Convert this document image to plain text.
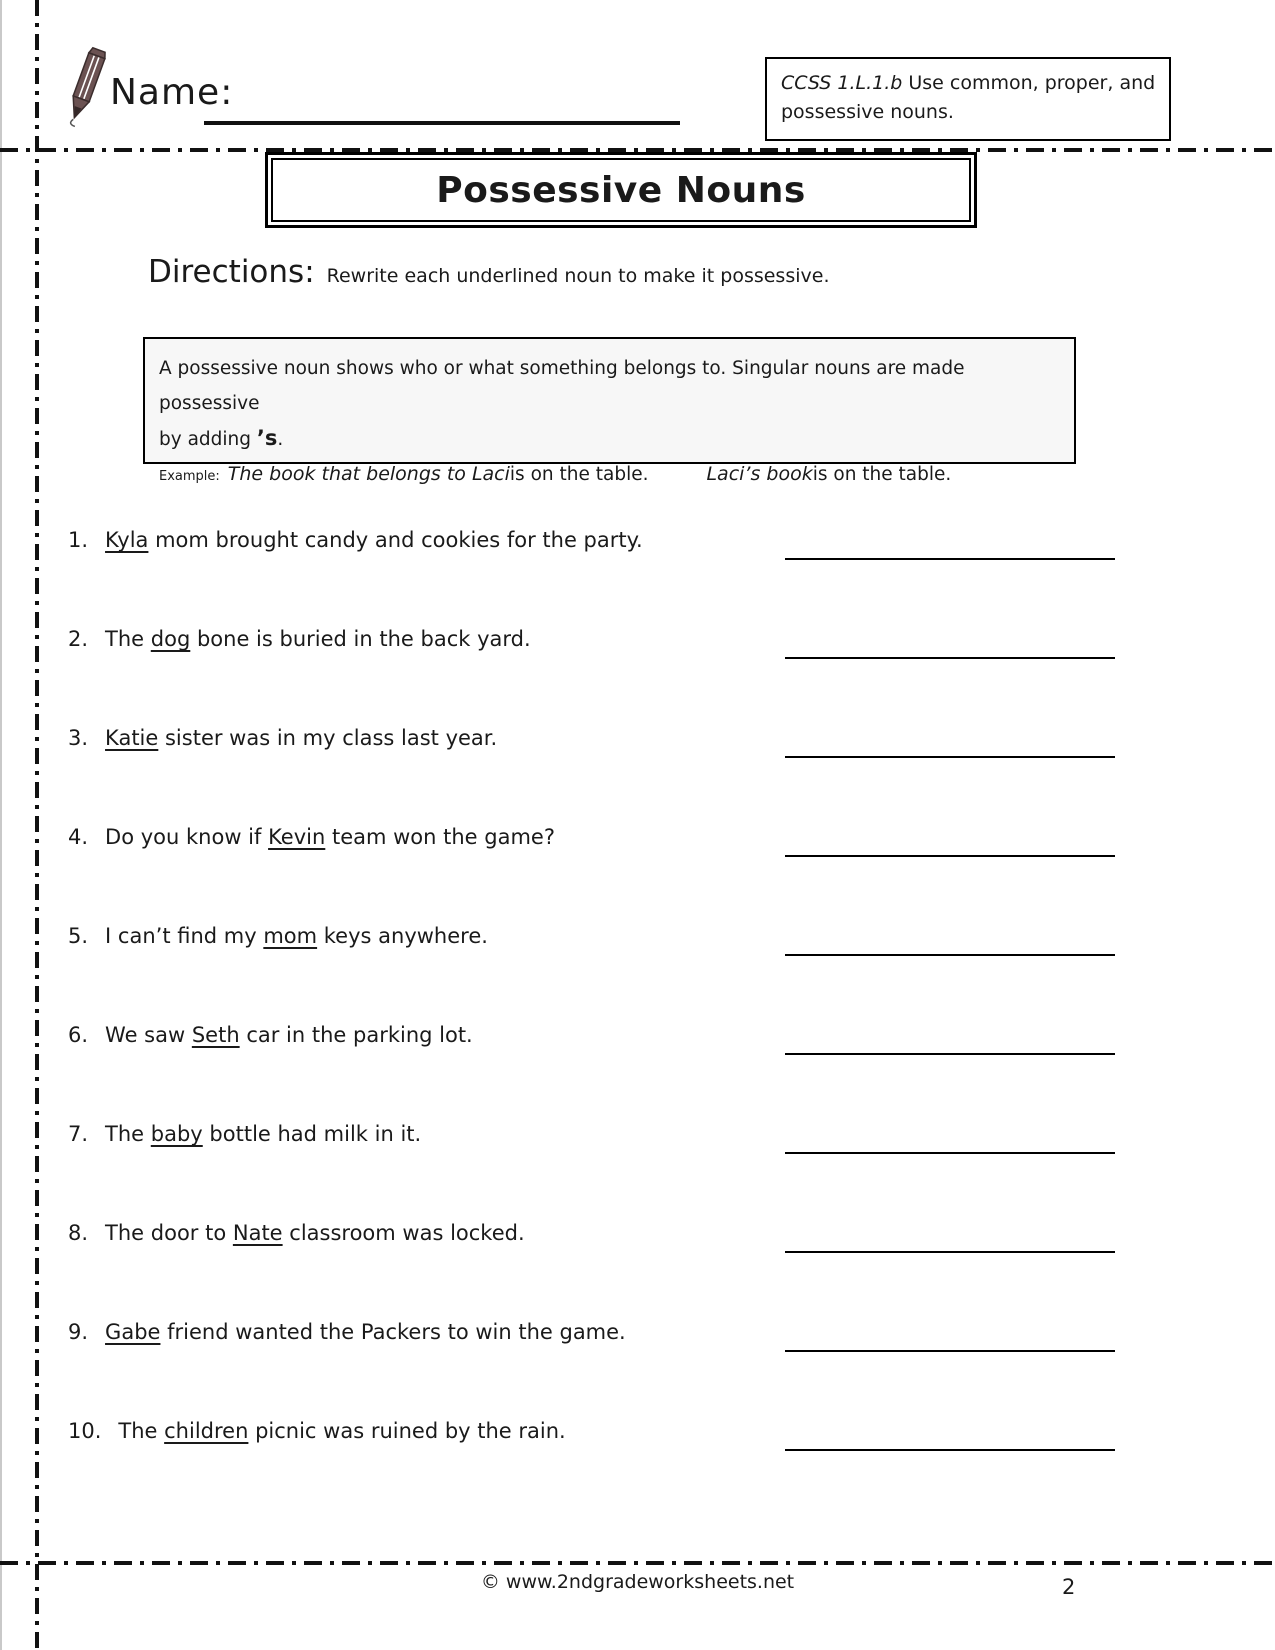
Name:	CCSS 1.L.1.b Use common, proper, and possessive nouns.
Possessive Nouns
Directions: Rewrite each underlined noun to make it possessive.
A possessive noun shows who or what something belongs to. Singular nouns are made possessive
by adding ’s.
Example: The book that belongs to Laci is on the table.	Laci’s book is on the table.
1. Kyla mom brought candy and cookies for the party.
2. The dog bone is buried in the back yard.
3. Katie sister was in my class last year.
4. Do you know if Kevin team won the game?
5. I can’t find my mom keys anywhere.
6. We saw Seth car in the parking lot.
7. The baby bottle had milk in it.
8. The door to Nate classroom was locked.
9. Gabe friend wanted the Packers to win the game.
10. The children picnic was ruined by the rain.
© www.2ndgradeworksheets.net	2
